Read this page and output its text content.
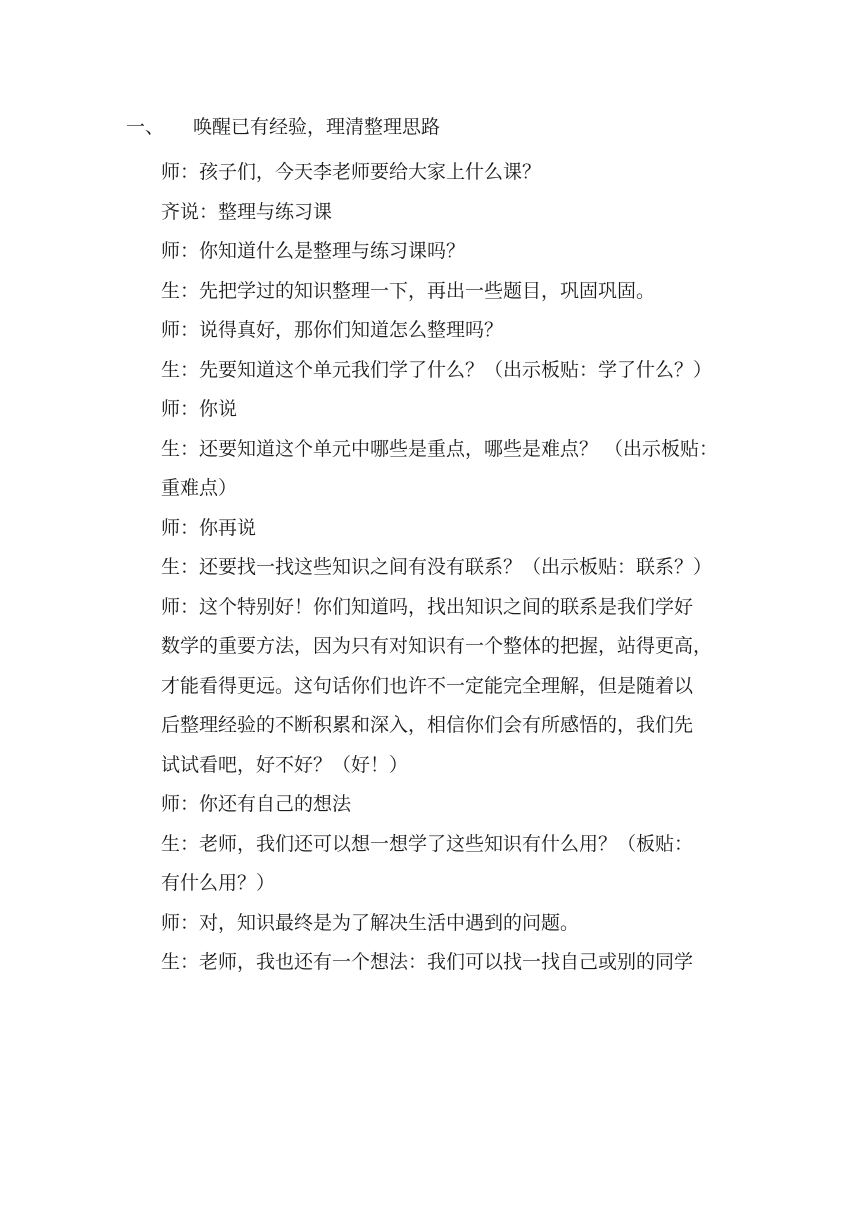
一、 唤醒已有经验，理清整理思路
师：孩子们，今天李老师要给大家上什么课？
齐说：整理与练习课
师：你知道什么是整理与练习课吗？
生：先把学过的知识整理一下，再出一些题目，巩固巩固。
师：说得真好，那你们知道怎么整理吗？
生：先要知道这个单元我们学了什么？（出示板贴：学了什么？）
师：你说
生：还要知道这个单元中哪些是重点，哪些是难点？ （出示板贴：
重难点）
师：你再说
生：还要找一找这些知识之间有没有联系？（出示板贴：联系？）
师：这个特别好！你们知道吗，找出知识之间的联系是我们学好
数学的重要方法，因为只有对知识有一个整体的把握，站得更高，
才能看得更远。这句话你们也许不一定能完全理解，但是随着以
后整理经验的不断积累和深入，相信你们会有所感悟的，我们先
试试看吧，好不好？（好！）
师：你还有自己的想法
生：老师，我们还可以想一想学了这些知识有什么用？（板贴：
有什么用？）
师：对，知识最终是为了解决生活中遇到的问题。
生：老师，我也还有一个想法：我们可以找一找自己或别的同学
